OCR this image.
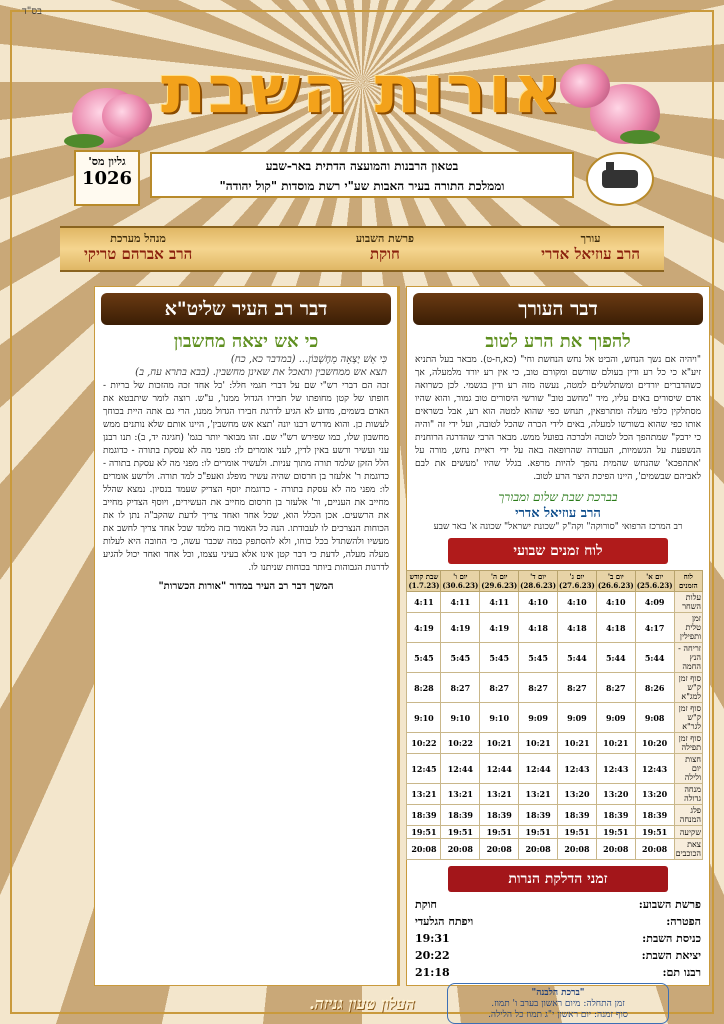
בס"ד
אורות השבת
גליון מס'
1026
בטאון הרבנות והמועצה הדתית באר-שבע
וממלכת התורה בעיר האבות שע"י רשת מוסדות "קול יהודה"
עורך
הרב עוזיאל אדרי
פרשת השבוע
חוקת
מנהל מערכת
הרב אברהם טריקי
דבר העורך
להפוך את הרע לטוב
"ויהיה אם נשך הנחש, והביט אל נחש הנחשת וחי" (כא,ח-ט). מבאר בעל התניא זיע"א כי כל רע ודין בעולם שורשם ומקורם טוב, כי אין רע יורד מלמעלה, אך כשהדברים יורדים ומשתלשלים למטה, נעשה מזה רע ודין בגשמי. לכן כשרואה אדם שיסורים באים עליו, מיד "מחשב טוב" שורשי היסורים טוב גמור, והוא שהיו מסתלקין כלפי מעלה ומתרפאין, תנחש כפי שהוא למטה הוא רע, אבל כשראים אותו כפי שהוא בשורשו למעלה, באים לידי הכרה שהכל לטובה, ועל ידי זה "והיה כי ידבק" שמתהפך הכל לטובה ולברכה בפועל ממש. מבאר הרבי שהדרגה הרוחנית הנשפעת על הגשמיות, העבודה שהרופאה באה על ידי ראיית נחש, מורה על 'אתהפכא' שהנחש שהמית נהפך להיות מרפא. בגלל שהיו 'מעשים את לבם לאביהם שבשמים', היינו הפיכת היצר הרע לטוב.
בברכת שבת שלום ומבורך
הרב עוזיאל אדרי
רב המרכז הרפואי "סורוקה" וקה"ק "שכונת ישראל" שכונה א' באר שבע
לוח זמנים שבועי
לוח הזמנים	יום א' (25.6.23)	יום ב' (26.6.23)	יום ג' (27.6.23)	יום ד' (28.6.23)	יום ה' (29.6.23)	יום ו' (30.6.23)	שבת קודש (1.7.23)
עלות השחר	4:09	4:10	4:10	4:10	4:11	4:11	4:11
זמן טלית ותפילין	4:17	4:18	4:18	4:18	4:19	4:19	4:19
זריחה - הנץ החמה	5:44	5:44	5:44	5:45	5:45	5:45	5:45
סוף זמן ק"ש למג"א	8:26	8:27	8:27	8:27	8:27	8:27	8:28
סוף זמן ק"ש לגר"א	9:08	9:09	9:09	9:09	9:10	9:10	9:10
סוף זמן תפילה	10:20	10:21	10:21	10:21	10:21	10:22	10:22
חצות יום ולילה	12:43	12:43	12:43	12:44	12:44	12:44	12:45
מנחה גדולה	13:20	13:20	13:20	13:21	13:21	13:21	13:21
פלג המנחה	18:39	18:39	18:39	18:39	18:39	18:39	18:39
שקיעה	19:51	19:51	19:51	19:51	19:51	19:51	19:51
צאת הכוכבים	20:08	20:08	20:08	20:08	20:08	20:08	20:08
זמני הדלקת הנרות
פרשת השבוע:
חוקת
הפטרה:
ויפתח הגלעדי
כניסת השבת:
19:31
יציאת השבת:
20:22
רבנו תם:
21:18
"ברכת הלבנה"
זמן התחלה: מיום ראשון בערב ו' תמוז.
סוף זמנה: יום ראשון י"ג תמוז כל הלילה.
דבר רב העיר שליט"א
כי אש יצאה מחשבון
כִּי אֵשׁ יָצְאָה מֵחֶשְׁבּוֹן... (במדבר כא, כח)
תצא אש ממחשבין ותאכל את שאינן מחשבין. (בבא בתרא עח, ב)
זכה הם דברי רש"י שם על דברי חגמי חלל: 'כל אחד זכה מהזכות של בריות - חופתו של קטן מחופתו של חבירו הגדול ממנו', ע"ש. רוצה לומר שיתבטא את האדם בשמים, מדוע לא הגיע לדרגת חבירו הגדול ממנו, הרי גם אתה היית בכוחך לעשות כן. והוא מדרש רבנו יונה 'תצא אש מחשבין', היינו אותם שלא נותנים ממש מחשבון שלו, כמו שפירש רש"י שם. זהו מבואר יותר בגמ' (חגיגה יד, ב): תנו רבנן עני ועשיר ורשע באין לדין, לעני אומרים לו: מפני מה לא עסקת בתורה - כדוגמת הלל הזקן שלמד תורה מתוך עניות. ולעשיר אומרים לו: מפני מה לא עסקת בתורה - כדוגמת ר' אלעזר בן חרסום שהיה עשיר מופלג ואעפ"כ למד תורה. ולרשע אומרים לו: מפני מה לא עסקת בתורה - כדוגמת יוסף הצדיק שעמד בנסיון. נמצא שהלל מחייב את העניים, ור' אלעזר בן חרסום מחייב את העשירים, ויוסף הצדיק מחייב את הרשעים. אכן הכלל הוא, שכל אחד ואחד צריך לדעת שהקב"ה נתן לו את הכוחות הנצרכים לו לעבודתו. הנה כל האמור בזה מלמד שכל אחד צריך לחשב את מעשיו ולהשתדל בכל כוחו, ולא להסתפק במה שכבר עשה, כי החובה היא לעלות מעלה מעלה, לדעת כי דבר קטן אינו אלא בעיני עצמו, וכל אחד ואחד יכול להגיע לדרגות הגבוהות ביותר בכוחות שניתנו לו.
המשך דבר רב העיר במדור "אורות הכשרות"
העלון טעון גניזה.
